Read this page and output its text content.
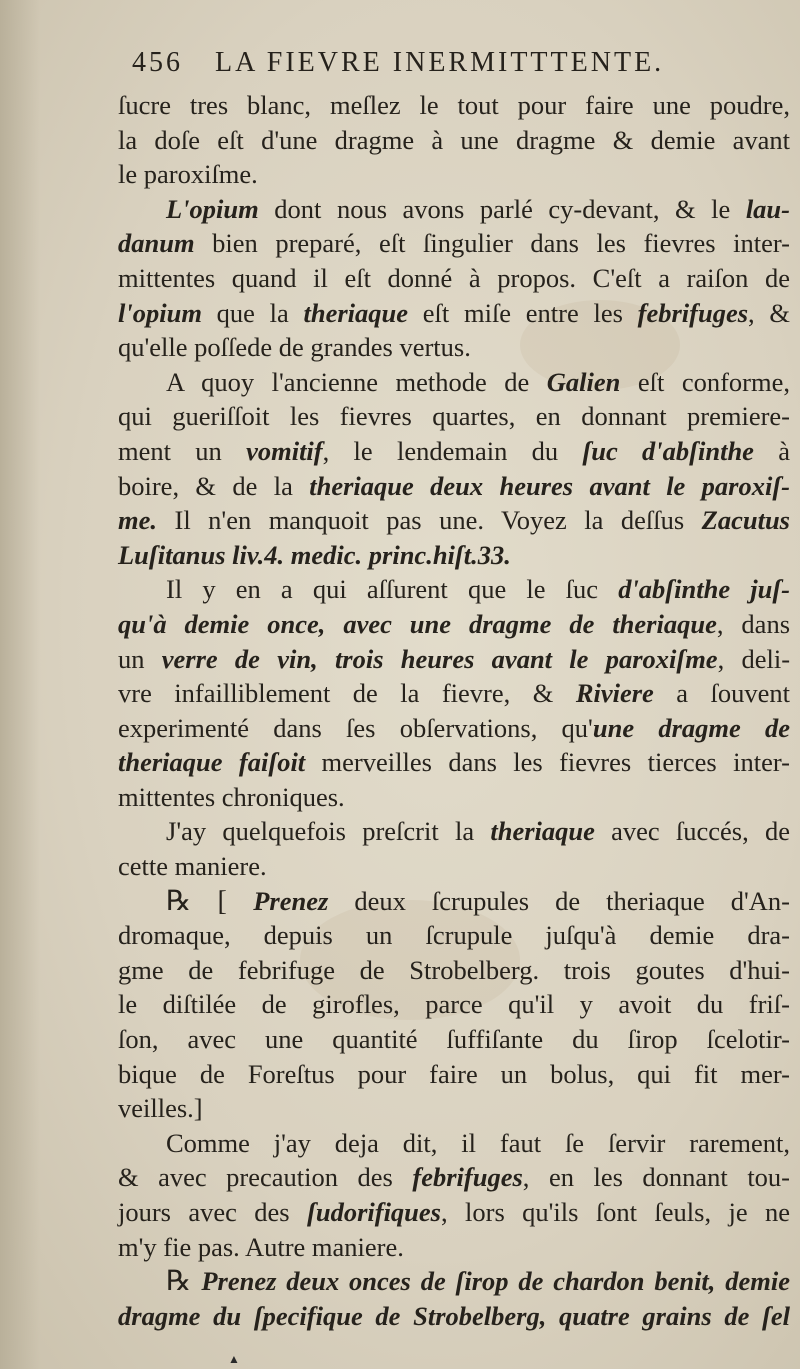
456 LA FIEVRE INERMITTTENTE.
ſucre tres blanc, meſlez le tout pour faire une poudre,
la doſe eſt d'une dragme à une dragme & demie avant
le paroxiſme.
L'opium dont nous avons parlé cy-devant, & le lau-
danum bien preparé, eſt ſingulier dans les fievres inter-
mittentes quand il eſt donné à propos. C'eſt a raiſon de
l'opium que la theriaque eſt miſe entre les febrifuges, &
qu'elle poſſede de grandes vertus.
A quoy l'ancienne methode de Galien eſt conforme,
qui gueriſſoit les fievres quartes, en donnant premiere-
ment un vomitif, le lendemain du ſuc d'abſinthe à
boire, & de la theriaque deux heures avant le paroxiſ-
me. Il n'en manquoit pas une. Voyez la deſſus Zacutus
Luſitanus liv.4. medic. princ.hiſt.33.
Il y en a qui aſſurent que le ſuc d'abſinthe juſ-
qu'à demie once, avec une dragme de theriaque, dans
un verre de vin, trois heures avant le paroxiſme, deli-
vre infailliblement de la fievre, & Riviere a ſouvent
experimenté dans ſes obſervations, qu'une dragme de
theriaque faiſoit merveilles dans les fievres tierces inter-
mittentes chroniques.
J'ay quelquefois preſcrit la theriaque avec ſuccés, de
cette maniere.
℞ [ Prenez deux ſcrupules de theriaque d'An-
dromaque, depuis un ſcrupule juſqu'à demie dra-
gme de febrifuge de Strobelberg. trois goutes d'hui-
le diſtilée de girofles, parce qu'il y avoit du friſ-
ſon, avec une quantité ſuffiſante du ſirop ſcelotir-
bique de Foreſtus pour faire un bolus, qui fit mer-
veilles.]
Comme j'ay deja dit, il faut ſe ſervir rarement,
& avec precaution des febrifuges, en les donnant tou-
jours avec des ſudorifiques, lors qu'ils ſont ſeuls, je ne
m'y fie pas. Autre maniere.
℞ Prenez deux onces de ſirop de chardon benit, demie
dragme du ſpecifique de Strobelberg, quatre grains de ſel
▲
